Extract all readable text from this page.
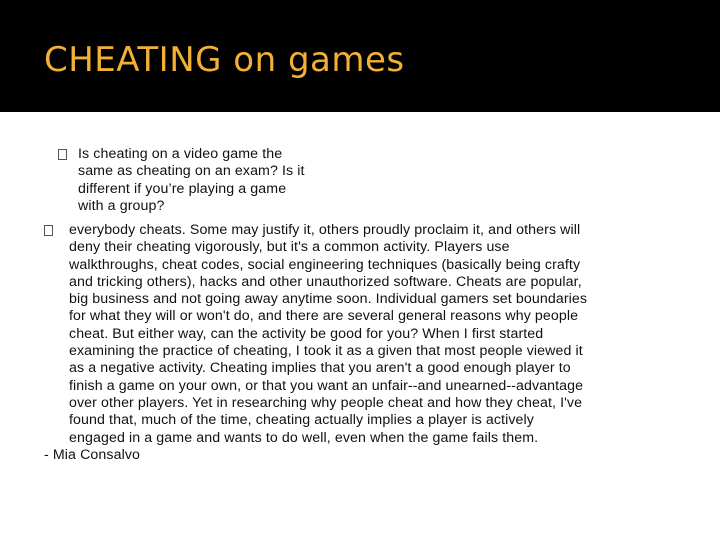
CHEATING on games
Is cheating on a video game the
same as cheating on an exam? Is it
different if you’re playing a game
with a group?
everybody cheats. Some may justify it, others proudly proclaim it, and others will
deny their cheating vigorously, but it's a common activity. Players use
walkthroughs, cheat codes, social engineering techniques (basically being crafty
and tricking others), hacks and other unauthorized software. Cheats are popular,
big business and not going away anytime soon. Individual gamers set boundaries
for what they will or won't do, and there are several general reasons why people
cheat. But either way, can the activity be good for you? When I first started
examining the practice of cheating, I took it as a given that most people viewed it
as a negative activity. Cheating implies that you aren't a good enough player to
finish a game on your own, or that you want an unfair--and unearned--advantage
over other players. Yet in researching why people cheat and how they cheat, I've
found that, much of the time, cheating actually implies a player is actively
engaged in a game and wants to do well, even when the game fails them.
- Mia Consalvo
